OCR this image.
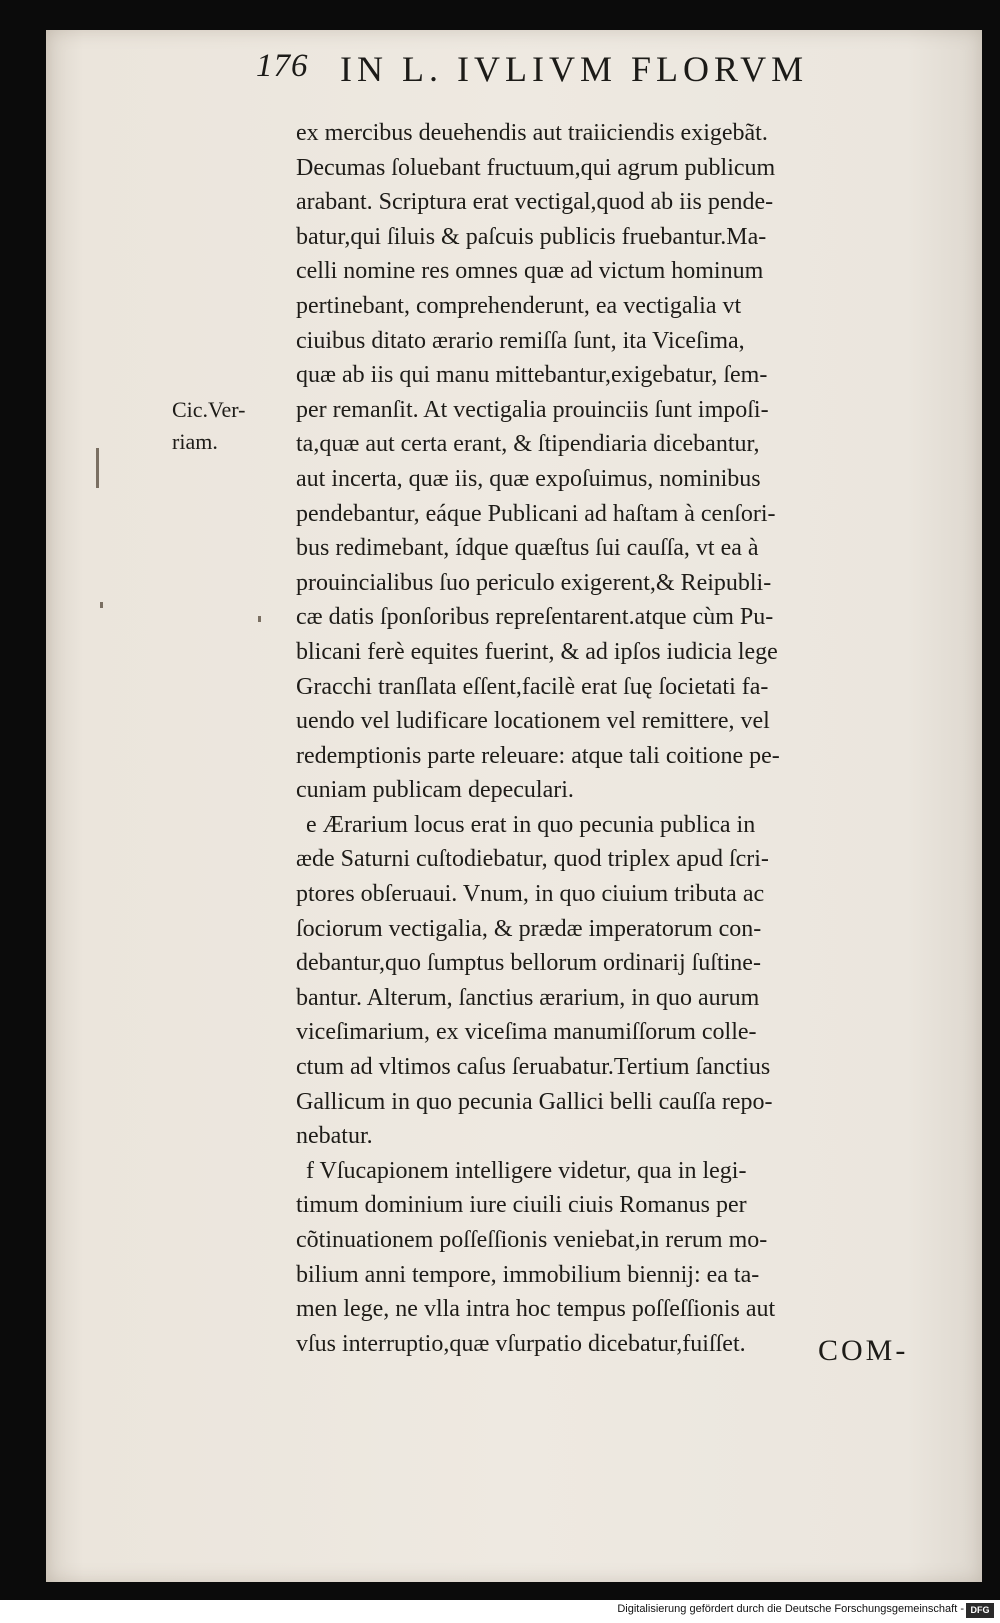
176 IN L. IVLIVM FLORVM
Cic.Ver-
riam.
ex mercibus deuehendis aut traiiciendis exigebãt.
Decumas ſoluebant fructuum,qui agrum publicum
arabant. Scriptura erat vectigal,quod ab iis pende-
batur,qui ſiluis & paſcuis publicis fruebantur.Ma-
celli nomine res omnes quæ ad victum hominum
pertinebant, comprehenderunt, ea vectigalia vt
ciuibus ditato ærario remiſſa ſunt, ita Viceſima,
quæ ab iis qui manu mittebantur,exigebatur, ſem-
per remanſit. At vectigalia prouinciis ſunt impoſi-
ta,quæ aut certa erant, & ſtipendiaria dicebantur,
aut incerta, quæ iis, quæ expoſuimus, nominibus
pendebantur, eáque Publicani ad haſtam à cenſori-
bus redimebant, ídque quæſtus ſui cauſſa, vt ea à
prouincialibus ſuo periculo exigerent,& Reipubli-
cæ datis ſponſoribus repreſentarent.atque cùm Pu-
blicani ferè equites fuerint, & ad ipſos iudicia lege
Gracchi tranſlata eſſent,facilè erat ſuę ſocietati fa-
uendo vel ludificare locationem vel remittere, vel
redemptionis parte releuare: atque tali coitione pe-
cuniam publicam depeculari.
e Ærarium locus erat in quo pecunia publica in
æde Saturni cuſtodiebatur, quod triplex apud ſcri-
ptores obſeruaui. Vnum, in quo ciuium tributa ac
ſociorum vectigalia, & prædæ imperatorum con-
debantur,quo ſumptus bellorum ordinarij ſuſtine-
bantur. Alterum, ſanctius ærarium, in quo aurum
viceſimarium, ex viceſima manumiſſorum colle-
ctum ad vltimos caſus ſeruabatur.Tertium ſanctius
Gallicum in quo pecunia Gallici belli cauſſa repo-
nebatur.
f Vſucapionem intelligere videtur, qua in legi-
timum dominium iure ciuili ciuis Romanus per
cõtinuationem poſſeſſionis veniebat,in rerum mo-
bilium anni tempore, immobilium biennij: ea ta-
men lege, ne vlla intra hoc tempus poſſeſſionis aut
vſus interruptio,quæ vſurpatio dicebatur,fuiſſet.	COM-
Digitalisierung gefördert durch die Deutsche Forschungsgemeinschaft - DFG
